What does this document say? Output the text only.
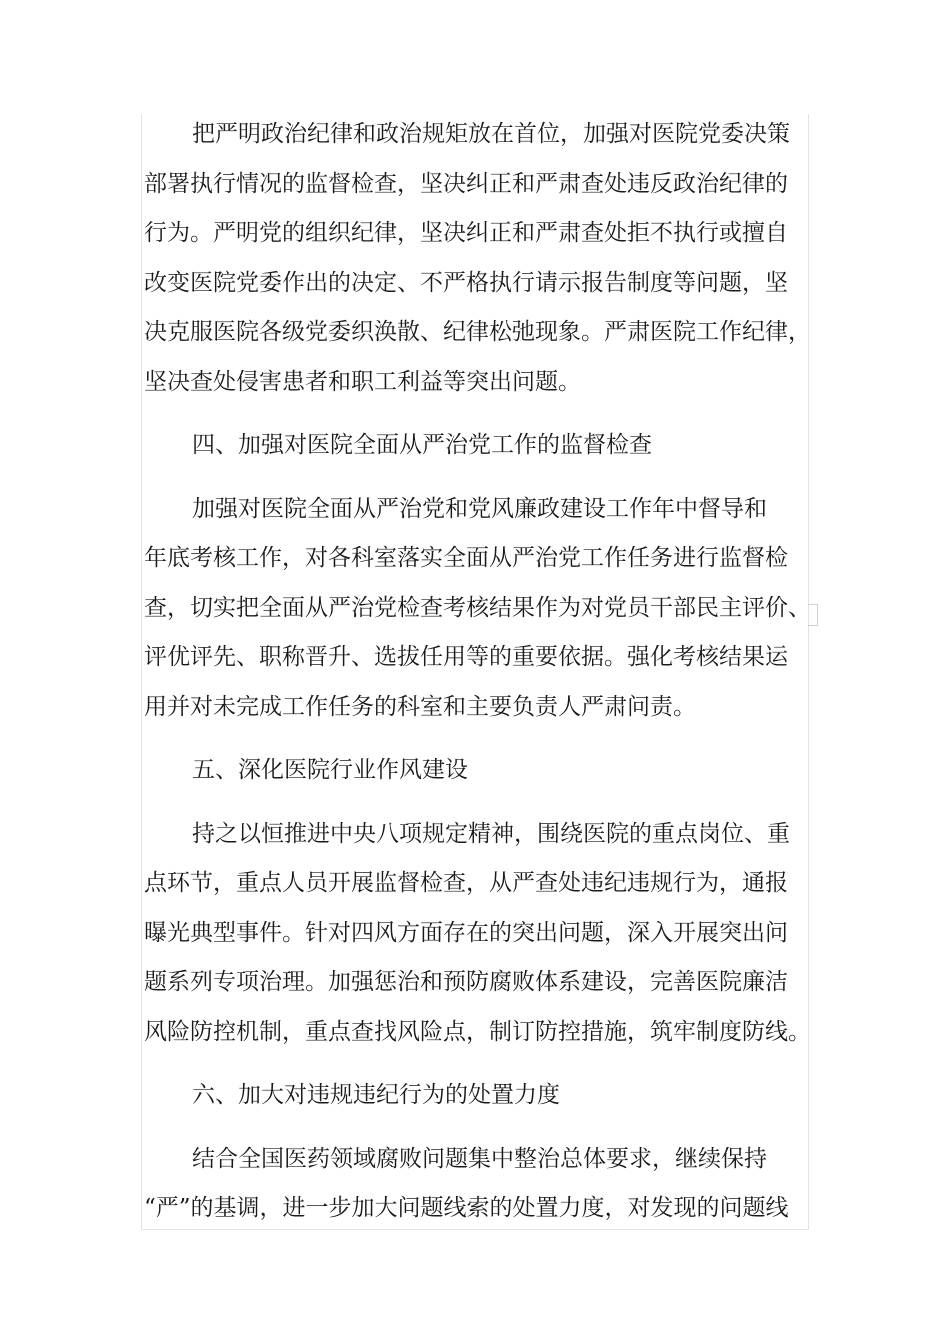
把严明政治纪律和政治规矩放在首位，加强对医院党委决策
部署执行情况的监督检查，坚决纠正和严肃查处违反政治纪律的
行为。严明党的组织纪律，坚决纠正和严肃查处拒不执行或擅自
改变医院党委作出的决定、不严格执行请示报告制度等问题，坚
决克服医院各级党委织涣散、纪律松弛现象。严肃医院工作纪律，
坚决查处侵害患者和职工利益等突出问题。
四、加强对医院全面从严治党工作的监督检查
加强对医院全面从严治党和党风廉政建设工作年中督导和
年底考核工作，对各科室落实全面从严治党工作任务进行监督检
查，切实把全面从严治党检查考核结果作为对党员干部民主评价、
评优评先、职称晋升、选拔任用等的重要依据。强化考核结果运
用并对未完成工作任务的科室和主要负责人严肃问责。
五、深化医院行业作风建设
持之以恒推进中央八项规定精神，围绕医院的重点岗位、重
点环节，重点人员开展监督检查，从严查处违纪违规行为，通报
曝光典型事件。针对四风方面存在的突出问题，深入开展突出问
题系列专项治理。加强惩治和预防腐败体系建设，完善医院廉洁
风险防控机制，重点查找风险点，制订防控措施，筑牢制度防线。
六、加大对违规违纪行为的处置力度
结合全国医药领域腐败问题集中整治总体要求，继续保持
“严”的基调，进一步加大问题线索的处置力度，对发现的问题线
